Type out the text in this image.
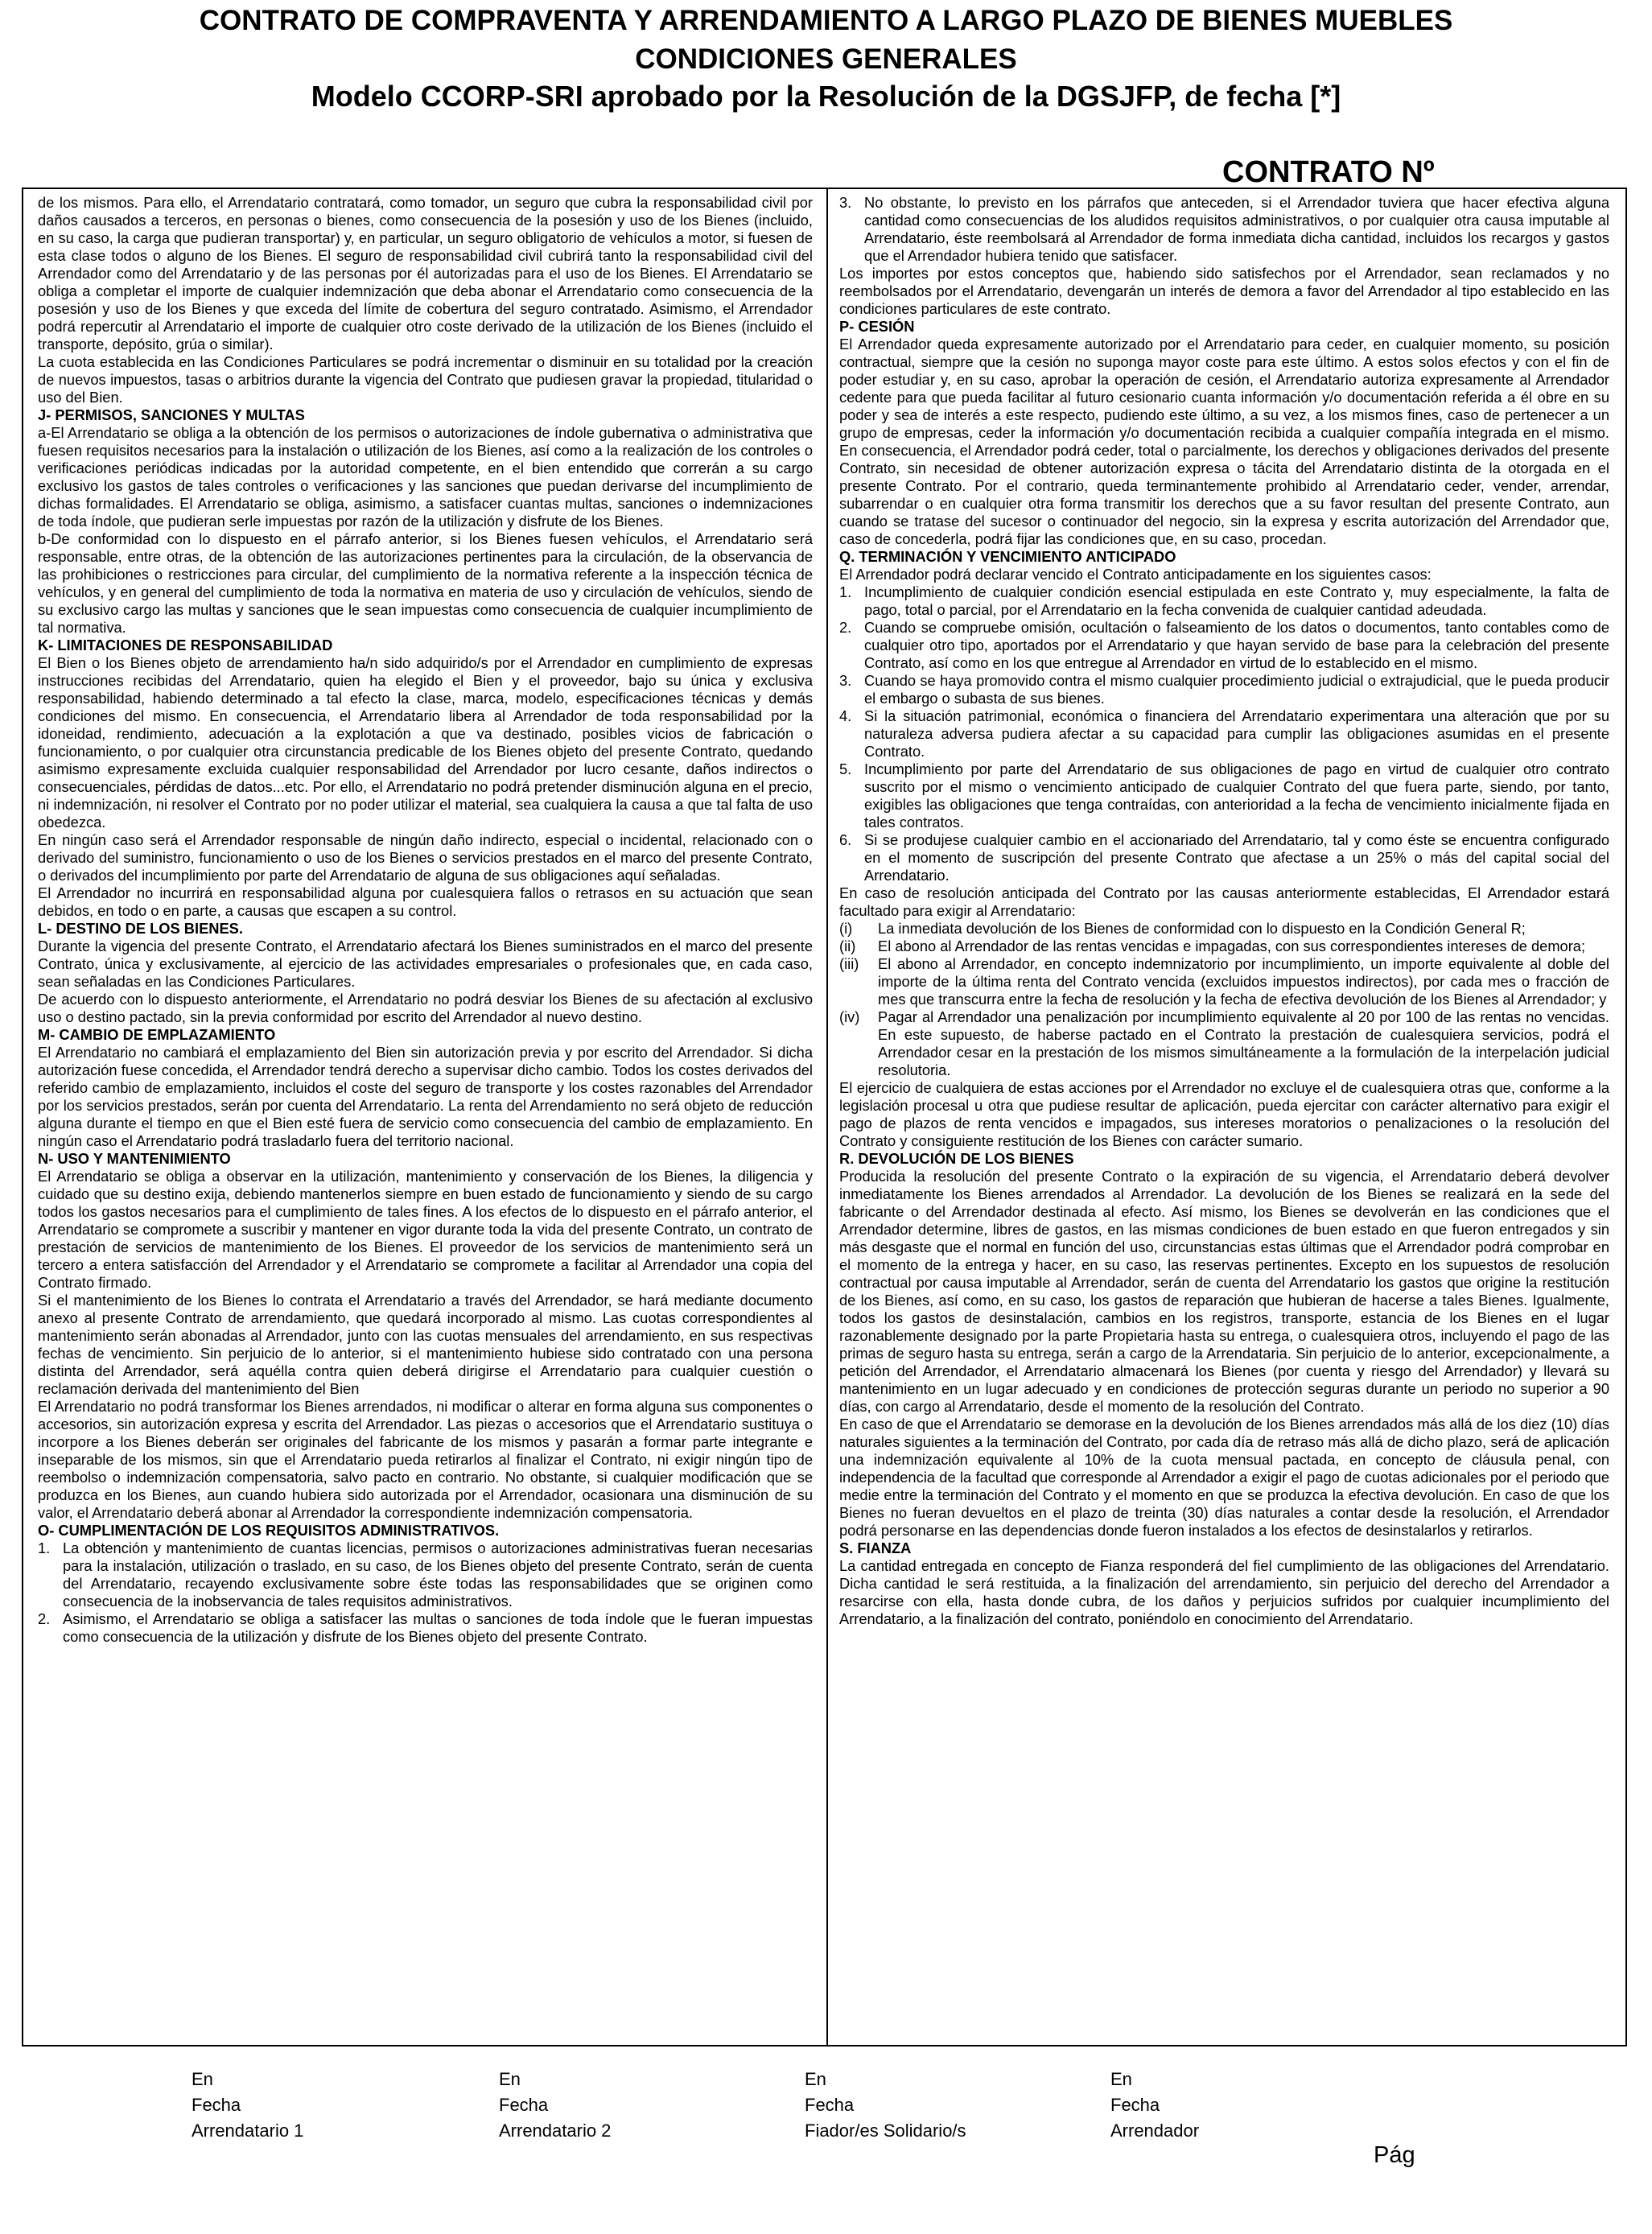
CONTRATO DE COMPRAVENTA Y ARRENDAMIENTO A LARGO PLAZO DE BIENES MUEBLES
CONDICIONES GENERALES
Modelo CCORP-SRI aprobado por la Resolución de la DGSJFP, de fecha [*]
CONTRATO Nº

de los mismos. Para ello, el Arrendatario contratará, como tomador, un seguro que cubra la responsabilidad civil por daños causados a terceros, en personas o bienes, como consecuencia de la posesión y uso de los Bienes (incluido, en su caso, la carga que pudieran transportar) y, en particular, un seguro obligatorio de vehículos a motor, si fuesen de esta clase todos o alguno de los Bienes. El seguro de responsabilidad civil cubrirá tanto la responsabilidad civil del Arrendador como del Arrendatario y de las personas por él autorizadas para el uso de los Bienes. El Arrendatario se obliga a completar el importe de cualquier indemnización que deba abonar el Arrendatario como consecuencia de la posesión y uso de los Bienes y que exceda del límite de cobertura del seguro contratado. Asimismo, el Arrendador podrá repercutir al Arrendatario el importe de cualquier otro coste derivado de la utilización de los Bienes (incluido el transporte, depósito, grúa o similar).

La cuota establecida en las Condiciones Particulares se podrá incrementar o disminuir en su totalidad por la creación de nuevos impuestos, tasas o arbitrios durante la vigencia del Contrato que pudiesen gravar la propiedad, titularidad o uso del Bien.

J- PERMISOS, SANCIONES Y MULTAS

a-El Arrendatario se obliga a la obtención de los permisos o autorizaciones de índole gubernativa o administrativa que fuesen requisitos necesarios para la instalación o utilización de los Bienes, así como a la realización de los controles o verificaciones periódicas indicadas por la autoridad competente, en el bien entendido que correrán a su cargo exclusivo los gastos de tales controles o verificaciones y las sanciones que puedan derivarse del incumplimiento de dichas formalidades. El Arrendatario se obliga, asimismo, a satisfacer cuantas multas, sanciones o indemnizaciones de toda índole, que pudieran serle impuestas por razón de la utilización y disfrute de los Bienes.

b-De conformidad con lo dispuesto en el párrafo anterior, si los Bienes fuesen vehículos, el Arrendatario será responsable, entre otras, de la obtención de las autorizaciones pertinentes para la circulación, de la observancia de las prohibiciones o restricciones para circular, del cumplimiento de la normativa referente a la inspección técnica de vehículos, y en general del cumplimiento de toda la normativa en materia de uso y circulación de vehículos, siendo de su exclusivo cargo las multas y sanciones que le sean impuestas como consecuencia de cualquier incumplimiento de tal normativa.

K- LIMITACIONES DE RESPONSABILIDAD

El Bien o los Bienes objeto de arrendamiento ha/n sido adquirido/s por el Arrendador en cumplimiento de expresas instrucciones recibidas del Arrendatario, quien ha elegido el Bien y el proveedor, bajo su única y exclusiva responsabilidad, habiendo determinado a tal efecto la clase, marca, modelo, especificaciones técnicas y demás condiciones del mismo. En consecuencia, el Arrendatario libera al Arrendador de toda responsabilidad por la idoneidad, rendimiento, adecuación a la explotación a que va destinado, posibles vicios de fabricación o funcionamiento, o por cualquier otra circunstancia predicable de los Bienes objeto del presente Contrato, quedando asimismo expresamente excluida cualquier responsabilidad del Arrendador por lucro cesante, daños indirectos o consecuenciales, pérdidas de datos...etc. Por ello, el Arrendatario no podrá pretender disminución alguna en el precio, ni indemnización, ni resolver el Contrato por no poder utilizar el material, sea cualquiera la causa a que tal falta de uso obedezca.

En ningún caso será el Arrendador responsable de ningún daño indirecto, especial o incidental, relacionado con o derivado del suministro, funcionamiento o uso de los Bienes o servicios prestados en el marco del presente Contrato, o derivados del incumplimiento por parte del Arrendatario de alguna de sus obligaciones aquí señaladas.

El Arrendador no incurrirá en responsabilidad alguna por cualesquiera fallos o retrasos en su actuación que sean debidos, en todo o en parte, a causas que escapen a su control.

L- DESTINO DE LOS BIENES.

Durante la vigencia del presente Contrato, el Arrendatario afectará los Bienes suministrados en el marco del presente Contrato, única y exclusivamente, al ejercicio de las actividades empresariales o profesionales que, en cada caso, sean señaladas en las Condiciones Particulares.

De acuerdo con lo dispuesto anteriormente, el Arrendatario no podrá desviar los Bienes de su afectación al exclusivo uso o destino pactado, sin la previa conformidad por escrito del Arrendador al nuevo destino.

M- CAMBIO DE EMPLAZAMIENTO

El Arrendatario no cambiará el emplazamiento del Bien sin autorización previa y por escrito del Arrendador. Si dicha autorización fuese concedida, el Arrendador tendrá derecho a supervisar dicho cambio. Todos los costes derivados del referido cambio de emplazamiento, incluidos el coste del seguro de transporte y los costes razonables del Arrendador por los servicios prestados, serán por cuenta del Arrendatario. La renta del Arrendamiento no será objeto de reducción alguna durante el tiempo en que el Bien esté fuera de servicio como consecuencia del cambio de emplazamiento. En ningún caso el Arrendatario podrá trasladarlo fuera del territorio nacional.

N- USO Y MANTENIMIENTO

El Arrendatario se obliga a observar en la utilización, mantenimiento y conservación de los Bienes, la diligencia y cuidado que su destino exija, debiendo mantenerlos siempre en buen estado de funcionamiento y siendo de su cargo todos los gastos necesarios para el cumplimiento de tales fines. A los efectos de lo dispuesto en el párrafo anterior, el Arrendatario se compromete a suscribir y mantener en vigor durante toda la vida del presente Contrato, un contrato de prestación de servicios de mantenimiento de los Bienes. El proveedor de los servicios de mantenimiento será un tercero a entera satisfacción del Arrendador y el Arrendatario se compromete a facilitar al Arrendador una copia del Contrato firmado.

Si el mantenimiento de los Bienes lo contrata el Arrendatario a través del Arrendador, se hará mediante documento anexo al presente Contrato de arrendamiento, que quedará incorporado al mismo. Las cuotas correspondientes al mantenimiento serán abonadas al Arrendador, junto con las cuotas mensuales del arrendamiento, en sus respectivas fechas de vencimiento. Sin perjuicio de lo anterior, si el mantenimiento hubiese sido contratado con una persona distinta del Arrendador, será aquélla contra quien deberá dirigirse el Arrendatario para cualquier cuestión o reclamación derivada del mantenimiento del Bien

El Arrendatario no podrá transformar los Bienes arrendados, ni modificar o alterar en forma alguna sus componentes o accesorios, sin autorización expresa y escrita del Arrendador. Las piezas o accesorios que el Arrendatario sustituya o incorpore a los Bienes deberán ser originales del fabricante de los mismos y pasarán a formar parte integrante e inseparable de los mismos, sin que el Arrendatario pueda retirarlos al finalizar el Contrato, ni exigir ningún tipo de reembolso o indemnización compensatoria, salvo pacto en contrario. No obstante, si cualquier modificación que se produzca en los Bienes, aun cuando hubiera sido autorizada por el Arrendador, ocasionara una disminución de su valor, el Arrendatario deberá abonar al Arrendador la correspondiente indemnización compensatoria.

O- CUMPLIMENTACIÓN DE LOS REQUISITOS ADMINISTRATIVOS.

1. La obtención y mantenimiento de cuantas licencias, permisos o autorizaciones administrativas fueran necesarias para la instalación, utilización o traslado, en su caso, de los Bienes objeto del presente Contrato, serán de cuenta del Arrendatario, recayendo exclusivamente sobre éste todas las responsabilidades que se originen como consecuencia de la inobservancia de tales requisitos administrativos.
2. Asimismo, el Arrendatario se obliga a satisfacer las multas o sanciones de toda índole que le fueran impuestas como consecuencia de la utilización y disfrute de los Bienes objeto del presente Contrato.
3. No obstante, lo previsto en los párrafos que anteceden, si el Arrendador tuviera que hacer efectiva alguna cantidad como consecuencias de los aludidos requisitos administrativos, o por cualquier otra causa imputable al Arrendatario, éste reembolsará al Arrendador de forma inmediata dicha cantidad, incluidos los recargos y gastos que el Arrendador hubiera tenido que satisfacer.

Los importes por estos conceptos que, habiendo sido satisfechos por el Arrendador, sean reclamados y no reembolsados por el Arrendatario, devengarán un interés de demora a favor del Arrendador al tipo establecido en las condiciones particulares de este contrato.

P- CESIÓN

El Arrendador queda expresamente autorizado por el Arrendatario para ceder, en cualquier momento, su posición contractual, siempre que la cesión no suponga mayor coste para este último. A estos solos efectos y con el fin de poder estudiar y, en su caso, aprobar la operación de cesión, el Arrendatario autoriza expresamente al Arrendador cedente para que pueda facilitar al futuro cesionario cuanta información y/o documentación referida a él obre en su poder y sea de interés a este respecto, pudiendo este último, a su vez, a los mismos fines, caso de pertenecer a un grupo de empresas, ceder la información y/o documentación recibida a cualquier compañía integrada en el mismo. En consecuencia, el Arrendador podrá ceder, total o parcialmente, los derechos y obligaciones derivados del presente Contrato, sin necesidad de obtener autorización expresa o tácita del Arrendatario distinta de la otorgada en el presente Contrato. Por el contrario, queda terminantemente prohibido al Arrendatario ceder, vender, arrendar, subarrendar o en cualquier otra forma transmitir los derechos que a su favor resultan del presente Contrato, aun cuando se tratase del sucesor o continuador del negocio, sin la expresa y escrita autorización del Arrendador que, caso de concederla, podrá fijar las condiciones que, en su caso, procedan.

Q. TERMINACIÓN Y VENCIMIENTO ANTICIPADO

El Arrendador podrá declarar vencido el Contrato anticipadamente en los siguientes casos:

1. Incumplimiento de cualquier condición esencial estipulada en este Contrato y, muy especialmente, la falta de pago, total o parcial, por el Arrendatario en la fecha convenida de cualquier cantidad adeudada.
2. Cuando se compruebe omisión, ocultación o falseamiento de los datos o documentos, tanto contables como de cualquier otro tipo, aportados por el Arrendatario y que hayan servido de base para la celebración del presente Contrato, así como en los que entregue al Arrendador en virtud de lo establecido en el mismo.
3. Cuando se haya promovido contra el mismo cualquier procedimiento judicial o extrajudicial, que le pueda producir el embargo o subasta de sus bienes.
4. Si la situación patrimonial, económica o financiera del Arrendatario experimentara una alteración que por su naturaleza adversa pudiera afectar a su capacidad para cumplir las obligaciones asumidas en el presente Contrato.
5. Incumplimiento por parte del Arrendatario de sus obligaciones de pago en virtud de cualquier otro contrato suscrito por el mismo o vencimiento anticipado de cualquier Contrato del que fuera parte, siendo, por tanto, exigibles las obligaciones que tenga contraídas, con anterioridad a la fecha de vencimiento inicialmente fijada en tales contratos.
6. Si se produjese cualquier cambio en el accionariado del Arrendatario, tal y como éste se encuentra configurado en el momento de suscripción del presente Contrato que afectase a un 25% o más del capital social del Arrendatario.

En caso de resolución anticipada del Contrato por las causas anteriormente establecidas, El Arrendador estará facultado para exigir al Arrendatario:

(i)	La inmediata devolución de los Bienes de conformidad con lo dispuesto en la Condición General R;
(ii)	El abono al Arrendador de las rentas vencidas e impagadas, con sus correspondientes intereses de demora;
(iii)	El abono al Arrendador, en concepto indemnizatorio por incumplimiento, un importe equivalente al doble del importe de la última renta del Contrato vencida (excluidos impuestos indirectos), por cada mes o fracción de mes que transcurra entre la fecha de resolución y la fecha de efectiva devolución de los Bienes al Arrendador; y
(iv)	Pagar al Arrendador una penalización por incumplimiento equivalente al 20 por 100 de las rentas no vencidas. En este supuesto, de haberse pactado en el Contrato la prestación de cualesquiera servicios, podrá el Arrendador cesar en la prestación de los mismos simultáneamente a la formulación de la interpelación judicial resolutoria.

El ejercicio de cualquiera de estas acciones por el Arrendador no excluye el de cualesquiera otras que, conforme a la legislación procesal u otra que pudiese resultar de aplicación, pueda ejercitar con carácter alternativo para exigir el pago de plazos de renta vencidos e impagados, sus intereses moratorios o penalizaciones o la resolución del Contrato y consiguiente restitución de los Bienes con carácter sumario.

R. DEVOLUCIÓN DE LOS BIENES

Producida la resolución del presente Contrato o la expiración de su vigencia, el Arrendatario deberá devolver inmediatamente los Bienes arrendados al Arrendador. La devolución de los Bienes se realizará en la sede del fabricante o del Arrendador destinada al efecto. Así mismo, los Bienes se devolverán en las condiciones que el Arrendador determine, libres de gastos, en las mismas condiciones de buen estado en que fueron entregados y sin más desgaste que el normal en función del uso, circunstancias estas últimas que el Arrendador podrá comprobar en el momento de la entrega y hacer, en su caso, las reservas pertinentes. Excepto en los supuestos de resolución contractual por causa imputable al Arrendador, serán de cuenta del Arrendatario los gastos que origine la restitución de los Bienes, así como, en su caso, los gastos de reparación que hubieran de hacerse a tales Bienes. Igualmente, todos los gastos de desinstalación, cambios en los registros, transporte, estancia de los Bienes en el lugar razonablemente designado por la parte Propietaria hasta su entrega, o cualesquiera otros, incluyendo el pago de las primas de seguro hasta su entrega, serán a cargo de la Arrendataria. Sin perjuicio de lo anterior, excepcionalmente, a petición del Arrendador, el Arrendatario almacenará los Bienes (por cuenta y riesgo del Arrendador) y llevará su mantenimiento en un lugar adecuado y en condiciones de protección seguras durante un periodo no superior a 90 días, con cargo al Arrendatario, desde el momento de la resolución del Contrato.

En caso de que el Arrendatario se demorase en la devolución de los Bienes arrendados más allá de los diez (10) días naturales siguientes a la terminación del Contrato, por cada día de retraso más allá de dicho plazo, será de aplicación una indemnización equivalente al 10% de la cuota mensual pactada, en concepto de cláusula penal, con independencia de la facultad que corresponde al Arrendador a exigir el pago de cuotas adicionales por el periodo que medie entre la terminación del Contrato y el momento en que se produzca la efectiva devolución. En caso de que los Bienes no fueran devueltos en el plazo de treinta (30) días naturales a contar desde la resolución, el Arrendador podrá personarse en las dependencias donde fueron instalados a los efectos de desinstalarlos y retirarlos.

S. FIANZA

La cantidad entregada en concepto de Fianza responderá del fiel cumplimiento de las obligaciones del Arrendatario. Dicha cantidad le será restituida, a la finalización del arrendamiento, sin perjuicio del derecho del Arrendador a resarcirse con ella, hasta donde cubra, de los daños y perjuicios sufridos por cualquier incumplimiento del Arrendatario, a la finalización del contrato, poniéndolo en conocimiento del Arrendatario.

En
Fecha
Arrendatario 1
En
Fecha
Arrendatario 2
En
Fecha
Fiador/es Solidario/s
En
Fecha
Arrendador
Pág
